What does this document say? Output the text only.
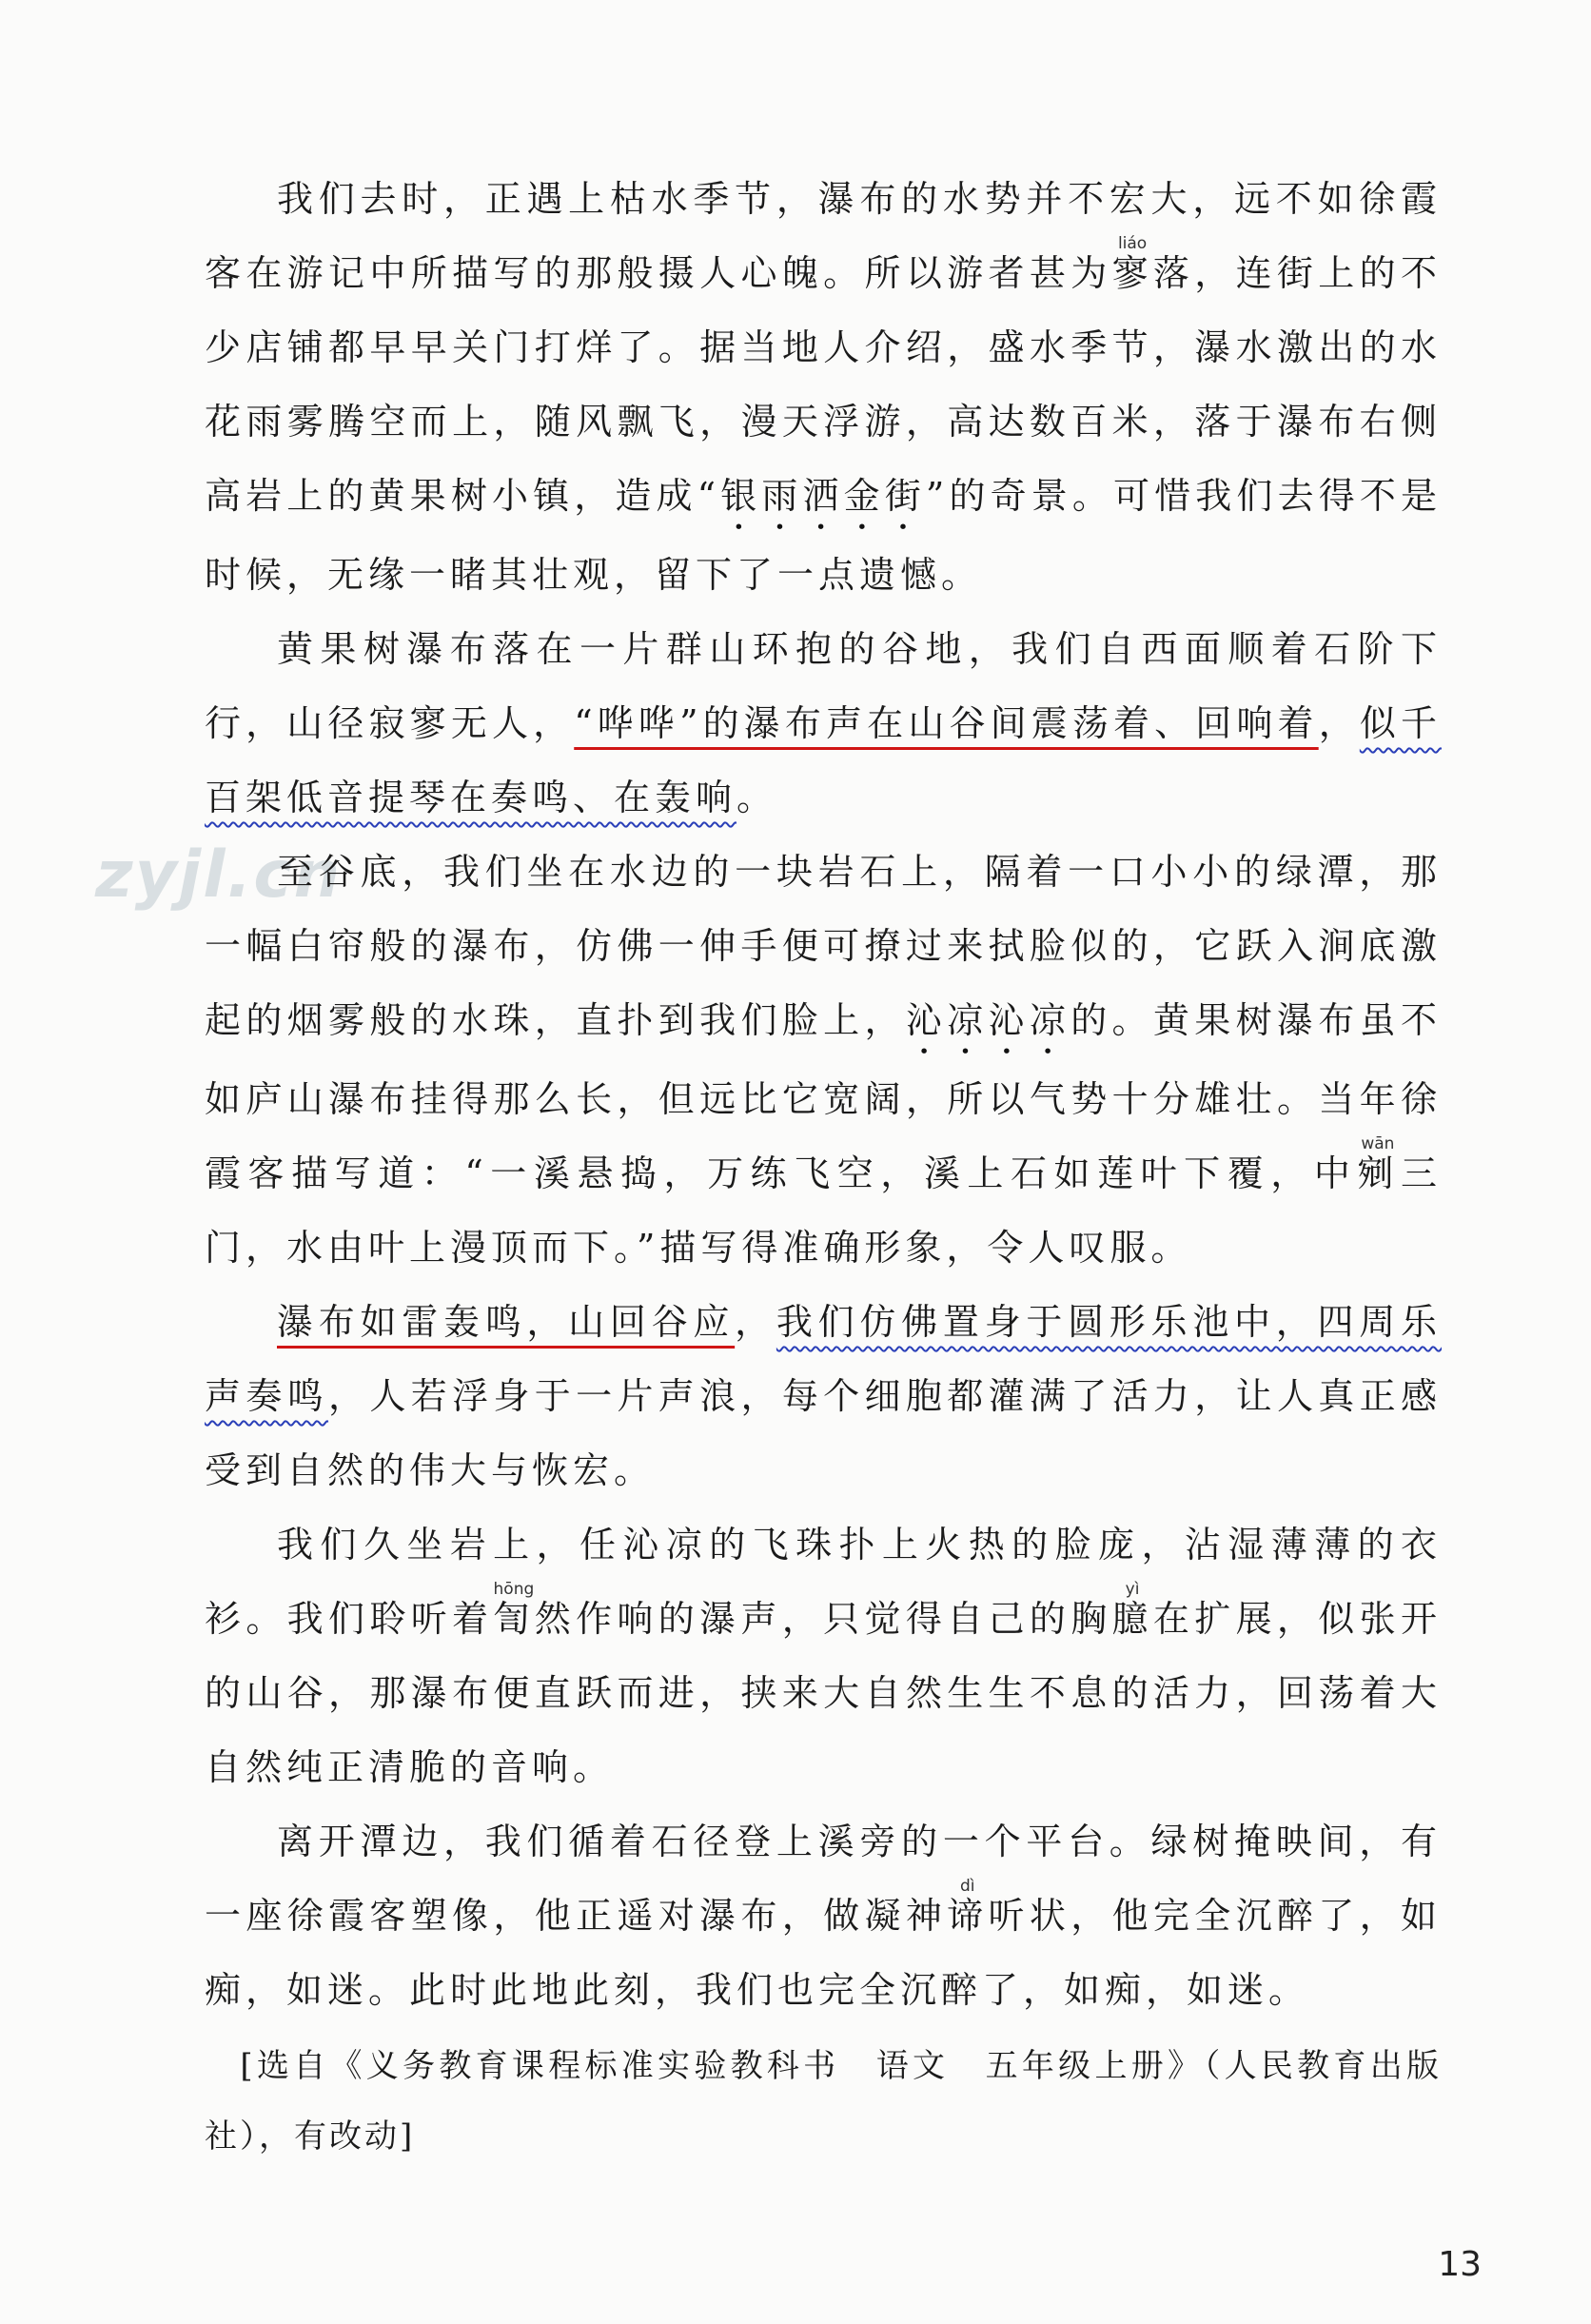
zyjl.cn

我们去时，正遇上枯水季节，瀑布的水势并不宏大，远不如徐霞客在游记中所描写的那般摄人心魄。所以游者甚为寥liáo落，连街上的不少店铺都早早关门打烊了。据当地人介绍，盛水季节，瀑水激出的水花雨雾腾空而上，随风飘飞，漫天浮游，高达数百米，落于瀑布右侧高岩上的黄果树小镇，造成“银雨洒金街”的奇景。可惜我们去得不是时候，无缘一睹其壮观，留下了一点遗憾。

黄果树瀑布落在一片群山环抱的谷地，我们自西面顺着石阶下行，山径寂寥无人，“哗哗”的瀑布声在山谷间震荡着、回响着，似千百架低音提琴在奏鸣、在轰响。

至谷底，我们坐在水边的一块岩石上，隔着一口小小的绿潭，那一幅白帘般的瀑布，仿佛一伸手便可撩过来拭脸似的，它跃入涧底激起的烟雾般的水珠，直扑到我们脸上，沁凉沁凉的。黄果树瀑布虽不如庐山瀑布挂得那么长，但远比它宽阔，所以气势十分雄壮。当年徐霞客描写道：“一溪悬捣，万练飞空，溪上石如莲叶下覆，中剜wān三门，水由叶上漫顶而下。”描写得准确形象，令人叹服。

瀑布如雷轰鸣，山回谷应，我们仿佛置身于圆形乐池中，四周乐声奏鸣，人若浮身于一片声浪，每个细胞都灌满了活力，让人真正感受到自然的伟大与恢宏。

我们久坐岩上，任沁凉的飞珠扑上火热的脸庞，沾湿薄薄的衣衫。我们聆听着訇hōng然作响的瀑声，只觉得自己的胸臆yì在扩展，似张开的山谷，那瀑布便直跃而进，挟来大自然生生不息的活力，回荡着大自然纯正清脆的音响。

离开潭边，我们循着石径登上溪旁的一个平台。绿树掩映间，有一座徐霞客塑像，他正遥对瀑布，做凝神谛dì听状，他完全沉醉了，如痴，如迷。此时此地此刻，我们也完全沉醉了，如痴，如迷。

[选自《义务教育课程标准实验教科书　语文　五年级上册》（人民教育出版社），有改动]

13
